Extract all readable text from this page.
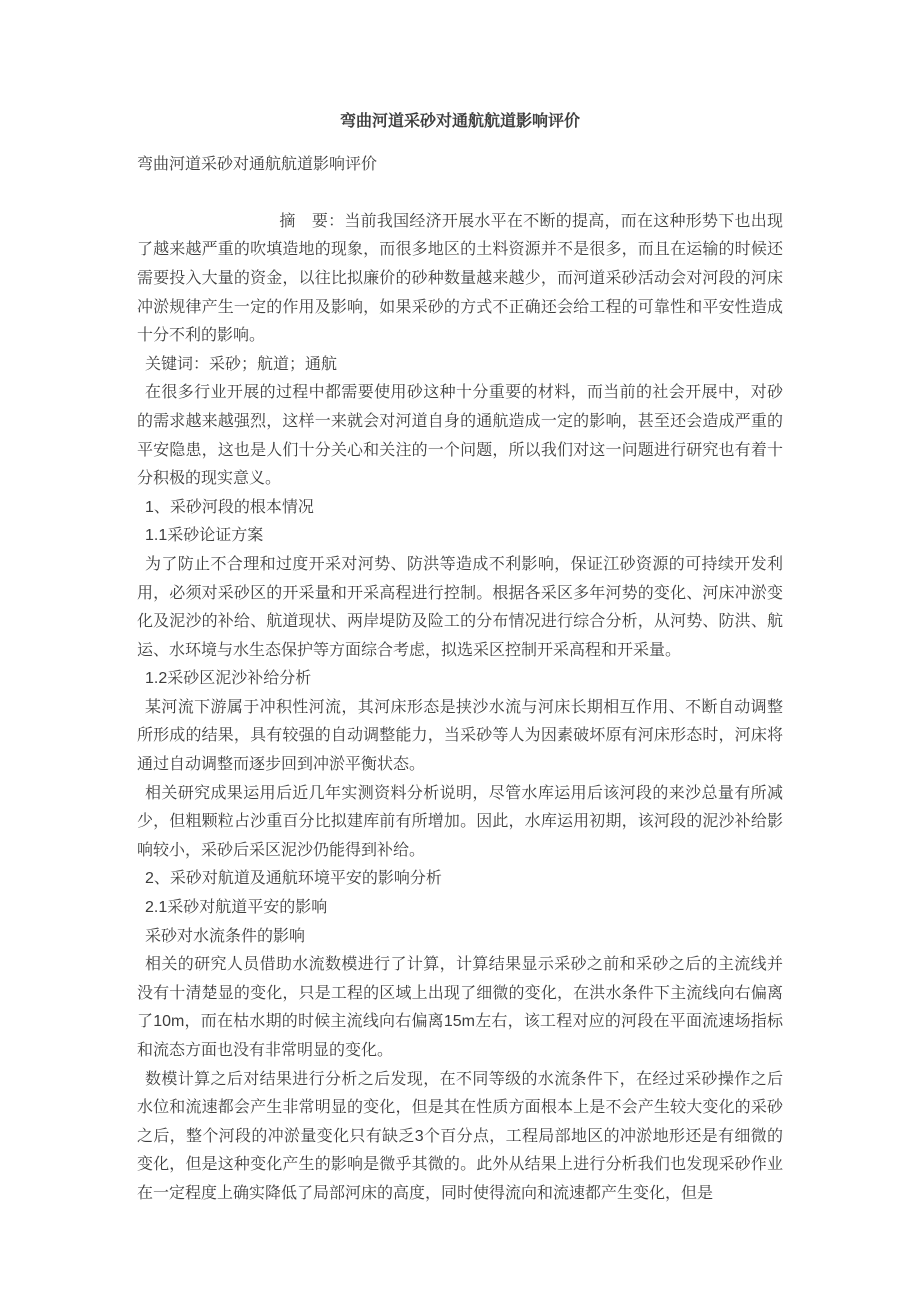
弯曲河道采砂对通航航道影响评价

弯曲河道采砂对通航航道影响评价

摘　要：当前我国经济开展水平在不断的提高，而在这种形势下也出现了越来越严重的吹填造地的现象，而很多地区的土料资源并不是很多，而且在运输的时候还需要投入大量的资金，以往比拟廉价的砂种数量越来越少，而河道采砂活动会对河段的河床冲淤规律产生一定的作用及影响，如果采砂的方式不正确还会给工程的可靠性和平安性造成十分不利的影响。

关键词：采砂；航道；通航

在很多行业开展的过程中都需要使用砂这种十分重要的材料，而当前的社会开展中，对砂的需求越来越强烈，这样一来就会对河道自身的通航造成一定的影响，甚至还会造成严重的平安隐患，这也是人们十分关心和关注的一个问题，所以我们对这一问题进行研究也有着十分积极的现实意义。

1、采砂河段的根本情况

1.1采砂论证方案

为了防止不合理和过度开采对河势、防洪等造成不利影响，保证江砂资源的可持续开发利用，必须对采砂区的开采量和开采高程进行控制。根据各采区多年河势的变化、河床冲淤变化及泥沙的补给、航道现状、两岸堤防及险工的分布情况进行综合分析，从河势、防洪、航运、水环境与水生态保护等方面综合考虑，拟选采区控制开采高程和开采量。

1.2采砂区泥沙补给分析

某河流下游属于冲积性河流，其河床形态是挟沙水流与河床长期相互作用、不断自动调整所形成的结果，具有较强的自动调整能力，当采砂等人为因素破坏原有河床形态时，河床将通过自动调整而逐步回到冲淤平衡状态。

相关研究成果运用后近几年实测资料分析说明，尽管水库运用后该河段的来沙总量有所减少，但粗颗粒占沙重百分比拟建库前有所增加。因此，水库运用初期，该河段的泥沙补给影响较小，采砂后采区泥沙仍能得到补给。

2、采砂对航道及通航环境平安的影响分析

2.1采砂对航道平安的影响

采砂对水流条件的影响

相关的研究人员借助水流数模进行了计算，计算结果显示采砂之前和采砂之后的主流线并没有十清楚显的变化，只是工程的区域上出现了细微的变化，在洪水条件下主流线向右偏离了10m，而在枯水期的时候主流线向右偏离15m左右，该工程对应的河段在平面流速场指标和流态方面也没有非常明显的变化。

数模计算之后对结果进行分析之后发现，在不同等级的水流条件下，在经过采砂操作之后水位和流速都会产生非常明显的变化，但是其在性质方面根本上是不会产生较大变化的采砂之后，整个河段的冲淤量变化只有缺乏3个百分点，工程局部地区的冲淤地形还是有细微的变化，但是这种变化产生的影响是微乎其微的。此外从结果上进行分析我们也发现采砂作业在一定程度上确实降低了局部河床的高度，同时使得流向和流速都产生变化，但是
